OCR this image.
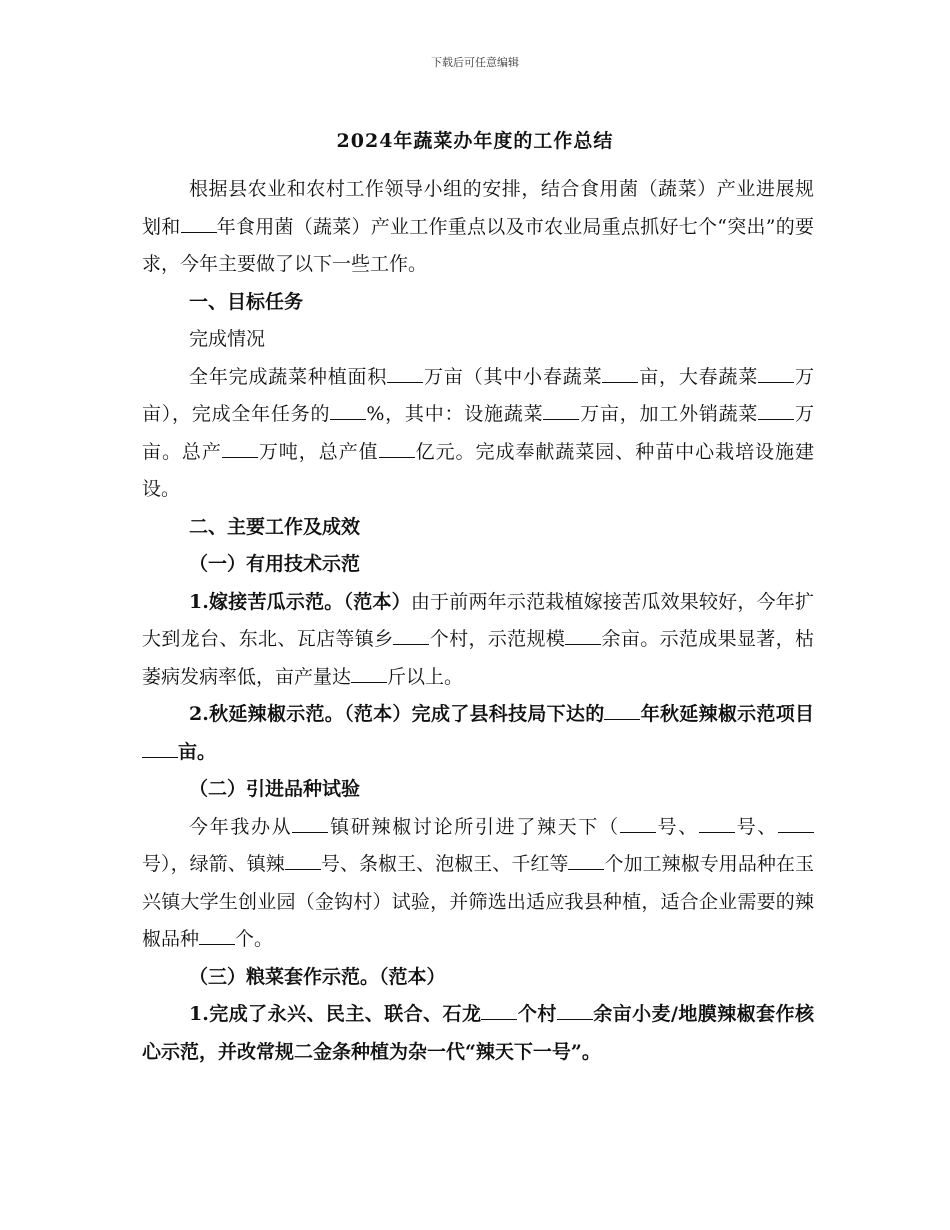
下载后可任意编辑
2024年蔬菜办年度的工作总结

根据县农业和农村工作领导小组的安排，结合食用菌（蔬菜）产业进展规划和 年食用菌（蔬菜）产业工作重点以及市农业局重点抓好七个“突出”的要求，今年主要做了以下一些工作。

一、目标任务

完成情况

全年完成蔬菜种植面积 万亩（其中小春蔬菜 亩，大春蔬菜 万亩），完成全年任务的 %，其中：设施蔬菜 万亩，加工外销蔬菜 万亩。总产 万吨，总产值 亿元。完成奉献蔬菜园、种苗中心栽培设施建设。

二、主要工作及成效

（一）有用技术示范

1.嫁接苦瓜示范。（范本）由于前两年示范栽植嫁接苦瓜效果较好，今年扩大到龙台、东北、瓦店等镇乡 个村，示范规模 余亩。示范成果显著，枯萎病发病率低，亩产量达 斤以上。

2.秋延辣椒示范。（范本）完成了县科技局下达的 年秋延辣椒示范项目亩。

（二）引进品种试验

今年我办从 镇研辣椒讨论所引进了辣天下（ 号、 号、号），绿箭、镇辣 号、条椒王、泡椒王、千红等 个加工辣椒专用品种在玉兴镇大学生创业园（金钩村）试验，并筛选出适应我县种植，适合企业需要的辣椒品种 个。

（三）粮菜套作示范。（范本）

1.完成了永兴、民主、联合、石龙 个村 余亩小麦/地膜辣椒套作核心示范，并改常规二金条种植为杂一代“辣天下一号”。
